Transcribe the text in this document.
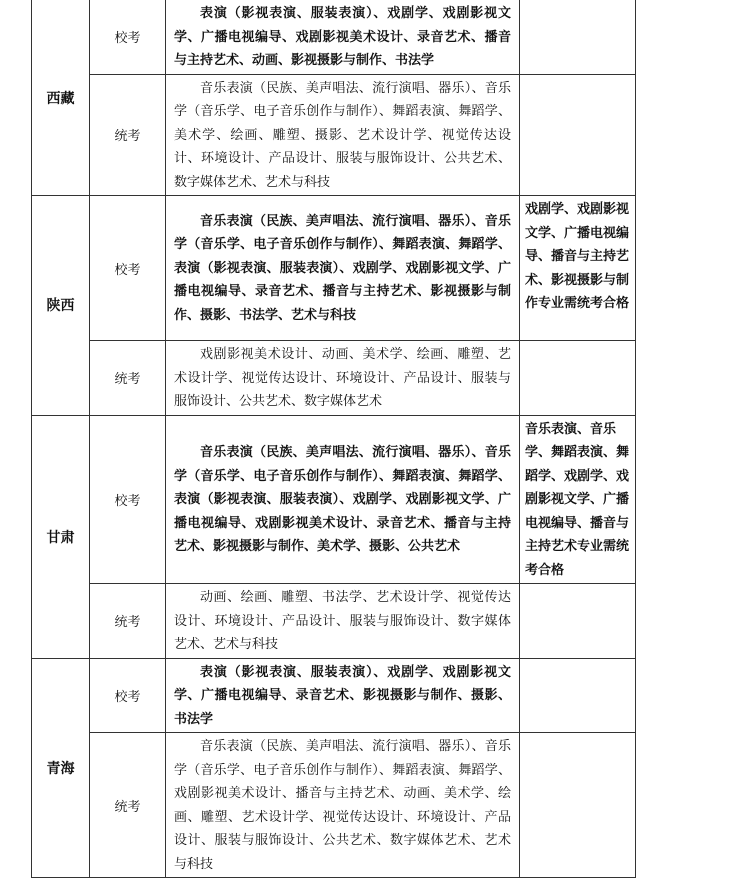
西藏	校考	表演（影视表演、服装表演）、戏剧学、戏剧影视文学、广播电视编导、戏剧影视美术设计、录音艺术、播音与主持艺术、动画、影视摄影与制作、书法学	
	统考	音乐表演（民族、美声唱法、流行演唱、器乐）、音乐学（音乐学、电子音乐创作与制作）、舞蹈表演、舞蹈学、美术学、绘画、雕塑、摄影、艺术设计学、视觉传达设计、环境设计、产品设计、服装与服饰设计、公共艺术、数字媒体艺术、艺术与科技	
陕西	校考	音乐表演（民族、美声唱法、流行演唱、器乐）、音乐学（音乐学、电子音乐创作与制作）、舞蹈表演、舞蹈学、表演（影视表演、服装表演）、戏剧学、戏剧影视文学、广播电视编导、录音艺术、播音与主持艺术、影视摄影与制作、摄影、书法学、艺术与科技	戏剧学、戏剧影视文学、广播电视编导、播音与主持艺术、影视摄影与制作专业需统考合格
	统考	戏剧影视美术设计、动画、美术学、绘画、雕塑、艺术设计学、视觉传达设计、环境设计、产品设计、服装与服饰设计、公共艺术、数字媒体艺术	
甘肃	校考	音乐表演（民族、美声唱法、流行演唱、器乐）、音乐学（音乐学、电子音乐创作与制作）、舞蹈表演、舞蹈学、表演（影视表演、服装表演）、戏剧学、戏剧影视文学、广播电视编导、戏剧影视美术设计、录音艺术、播音与主持艺术、影视摄影与制作、美术学、摄影、公共艺术	音乐表演、音乐学、舞蹈表演、舞蹈学、戏剧学、戏剧影视文学、广播电视编导、播音与主持艺术专业需统考合格
	统考	动画、绘画、雕塑、书法学、艺术设计学、视觉传达设计、环境设计、产品设计、服装与服饰设计、数字媒体艺术、艺术与科技	
青海	校考	表演（影视表演、服装表演）、戏剧学、戏剧影视文学、广播电视编导、录音艺术、影视摄影与制作、摄影、书法学	
	统考	音乐表演（民族、美声唱法、流行演唱、器乐）、音乐学（音乐学、电子音乐创作与制作）、舞蹈表演、舞蹈学、戏剧影视美术设计、播音与主持艺术、动画、美术学、绘画、雕塑、艺术设计学、视觉传达设计、环境设计、产品设计、服装与服饰设计、公共艺术、数字媒体艺术、艺术与科技	
